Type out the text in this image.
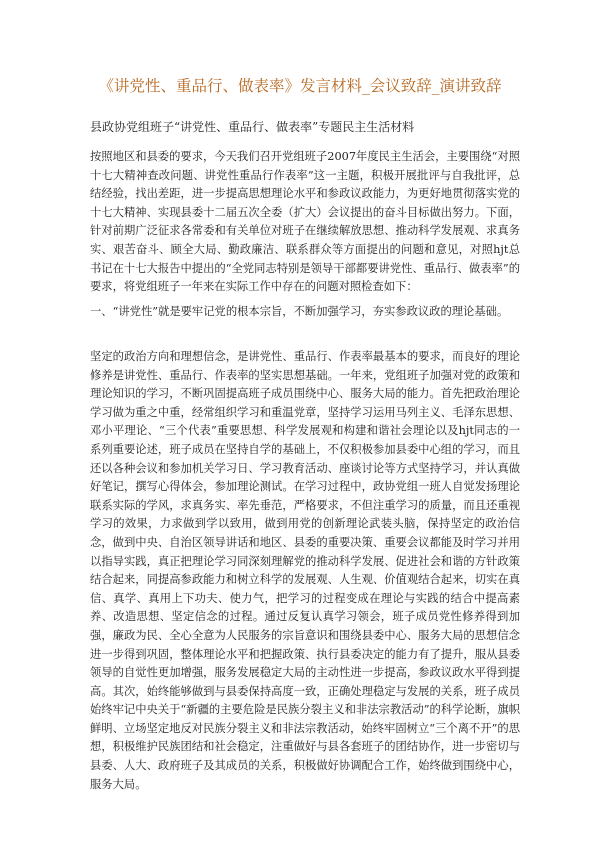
《讲党性、重品行、做表率》发言材料_会议致辞_演讲致辞

县政协党组班子“讲党性、重品行、做表率”专题民主生活材料

按照地区和县委的要求，今天我们召开党组班子2007年度民主生活会，主要围绕“对照十七大精神查改问题、讲党性重品行作表率”这一主题，积极开展批评与自我批评，总结经验，找出差距，进一步提高思想理论水平和参政议政能力，为更好地贯彻落实党的十七大精神、实现县委十二届五次全委（扩大）会议提出的奋斗目标做出努力。下面，针对前期广泛征求各常委和有关单位对班子在继续解放思想、推动科学发展观、求真务实、艰苦奋斗、顾全大局、勤政廉洁、联系群众等方面提出的问题和意见，对照hjt总书记在十七大报告中提出的“全党同志特别是领导干部都要讲党性、重品行、做表率”的要求，将党组班子一年来在实际工作中存在的问题对照检查如下：

一、“讲党性”就是要牢记党的根本宗旨，不断加强学习，夯实参政议政的理论基础。

坚定的政治方向和理想信念，是讲党性、重品行、作表率最基本的要求，而良好的理论修养是讲党性、重品行、作表率的坚实思想基础。一年来，党组班子加强对党的政策和理论知识的学习，不断巩固提高班子成员围绕中心、服务大局的能力。首先把政治理论学习做为重之中重，经常组织学习和重温党章，坚持学习运用马列主义、毛泽东思想、邓小平理论、“三个代表”重要思想、科学发展观和构建和谐社会理论以及hjt同志的一系列重要论述，班子成员在坚持自学的基础上，不仅积极参加县委中心组的学习，而且还以各种会议和参加机关学习日、学习教育活动、座谈讨论等方式坚持学习，并认真做好笔记，撰写心得体会，参加理论测试。在学习过程中，政协党组一班人自觉发扬理论联系实际的学风，求真务实、率先垂范，严格要求，不但注重学习的质量，而且还重视学习的效果，力求做到学以致用，做到用党的创新理论武装头脑，保持坚定的政治信念，做到中央、自治区领导讲话和地区、县委的重要决策、重要会议都能及时学习并用以指导实践，真正把理论学习同深刻理解党的推动科学发展、促进社会和谐的方针政策结合起来，同提高参政能力和树立科学的发展观、人生观、价值观结合起来，切实在真信、真学、真用上下功夫、使力气，把学习的过程变成在理论与实践的结合中提高素养、改造思想、坚定信念的过程。通过反复认真学习领会，班子成员党性修养得到加强，廉政为民、全心全意为人民服务的宗旨意识和围绕县委中心、服务大局的思想信念进一步得到巩固，整体理论水平和把握政策、执行县委决定的能力有了提升，服从县委领导的自觉性更加增强，服务发展稳定大局的主动性进一步提高，参政议政水平得到提高。其次，始终能够做到与县委保持高度一致，正确处理稳定与发展的关系，班子成员始终牢记中央关于“新疆的主要危险是民族分裂主义和非法宗教活动”的科学论断，旗帜鲜明、立场坚定地反对民族分裂主义和非法宗教活动，始终牢固树立“三个离不开”的思想，积极维护民族团结和社会稳定，注重做好与县各套班子的团结协作，进一步密切与县委、人大、政府班子及其成员的关系，积极做好协调配合工作，始终做到围绕中心，服务大局。
